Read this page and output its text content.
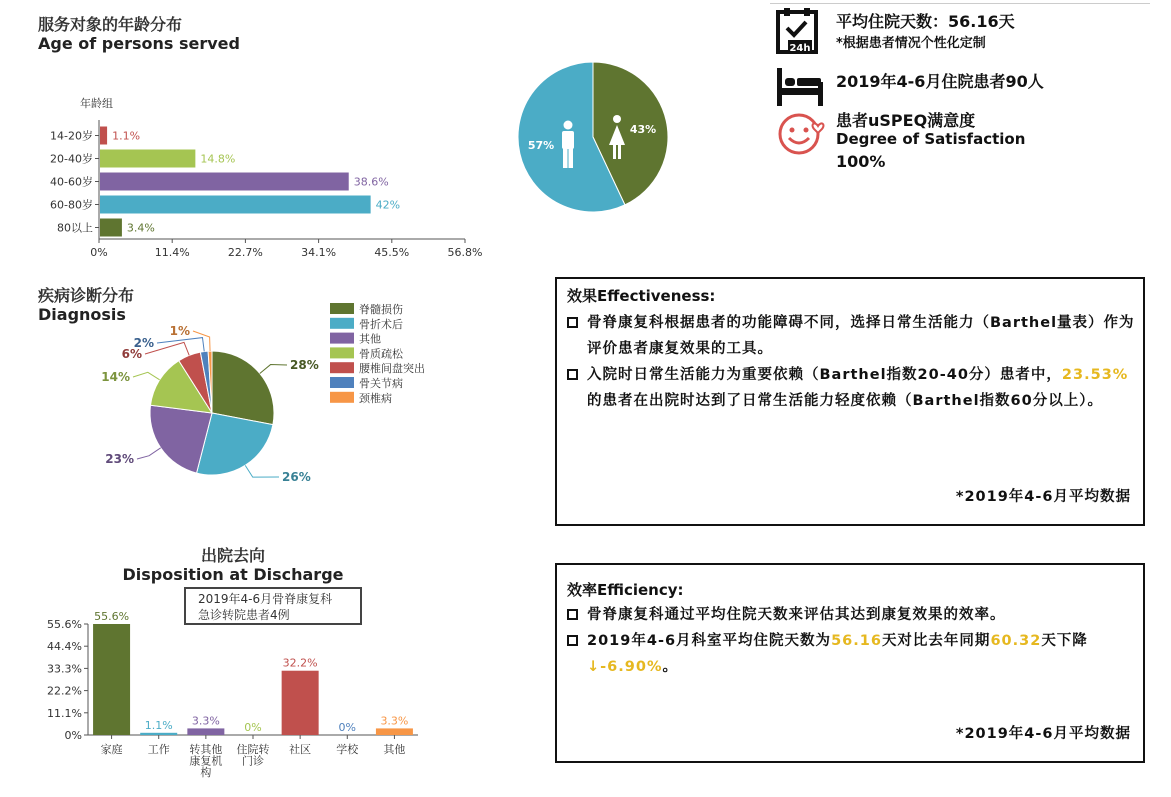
服务对象的年龄分布
Age of persons served
年龄组
14-20岁 1.1%
20-40岁	14.8%
40-60岁	38.6%
60-80岁	42%
80以上	3.4%
0%	11.4%	22.7%	34.1%	45.5%	56.8%
57%
43%
24h
平均住院天数：56.16天
*根据患者情况个性化定制
2019年4-6月住院患者90人
患者uSPEQ满意度
Degree of Satisfaction
100%
疾病诊断分布
Diagnosis
28%
26%
23%
14%
6%
2%
1%
脊髓损伤
骨折术后
其他
骨质疏松
腰椎间盘突出
骨关节病
颈椎病
出院去向
Disposition at Discharge
2019年4-6月骨脊康复科
急诊转院患者4例
0%
11.1%
22.2%
33.3%
44.4%
55.6%
55.6%
家庭
1.1%
工作
3.3%
转其他
康复机
构
0%
住院转
门诊
32.2%
社区
0%
学校
3.3%
其他
效果Effectiveness:
骨脊康复科根据患者的功能障碍不同，选择日常生活能力（Barthel量表）作为评价患者康复效果的工具。
入院时日常生活能力为重要依赖（Barthel指数20-40分）患者中，23.53%的患者在出院时达到了日常生活能力轻度依赖（Barthel指数60分以上）。
*2019年4-6月平均数据
效率Efficiency:
骨脊康复科通过平均住院天数来评估其达到康复效果的效率。
2019年4-6月科室平均住院天数为56.16天对比去年同期60.32天下降↓-6.90%。
*2019年4-6月平均数据
